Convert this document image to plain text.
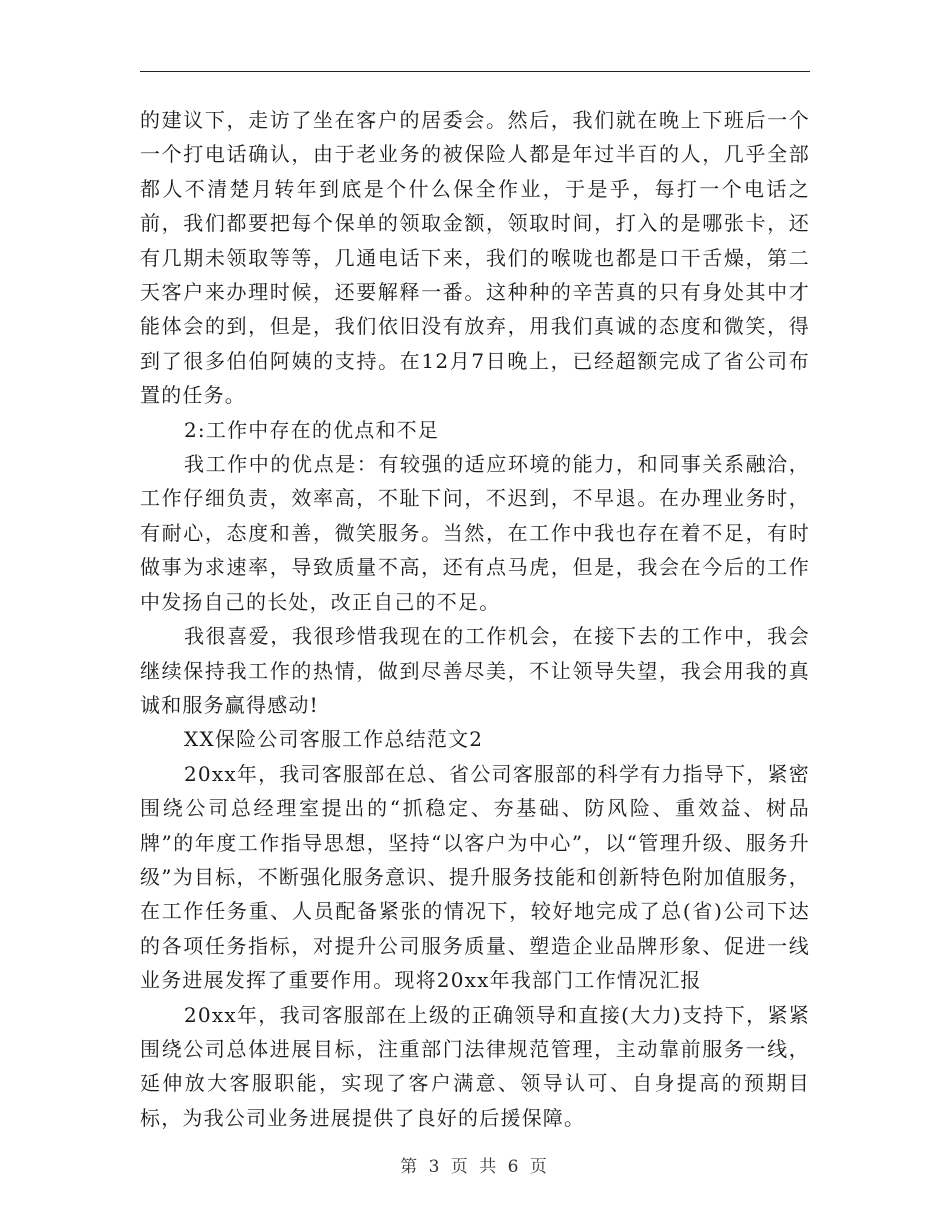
的建议下，走访了坐在客户的居委会。然后，我们就在晚上下班后一个一个打电话确认，由于老业务的被保险人都是年过半百的人，几乎全部都人不清楚月转年到底是个什么保全作业，于是乎，每打一个电话之前，我们都要把每个保单的领取金额，领取时间，打入的是哪张卡，还有几期未领取等等，几通电话下来，我们的喉咙也都是口干舌燥，第二天客户来办理时候，还要解释一番。这种种的辛苦真的只有身处其中才能体会的到，但是，我们依旧没有放弃，用我们真诚的态度和微笑，得到了很多伯伯阿姨的支持。在12月7日晚上，已经超额完成了省公司布置的任务。

2:工作中存在的优点和不足

我工作中的优点是：有较强的适应环境的能力，和同事关系融洽，工作仔细负责，效率高，不耻下问，不迟到，不早退。在办理业务时，有耐心，态度和善，微笑服务。当然，在工作中我也存在着不足，有时做事为求速率，导致质量不高，还有点马虎，但是，我会在今后的工作中发扬自己的长处，改正自己的不足。

我很喜爱，我很珍惜我现在的工作机会，在接下去的工作中，我会继续保持我工作的热情，做到尽善尽美，不让领导失望，我会用我的真诚和服务赢得感动!

XX保险公司客服工作总结范文2

20xx年，我司客服部在总、省公司客服部的科学有力指导下，紧密围绕公司总经理室提出的“抓稳定、夯基础、防风险、重效益、树品牌”的年度工作指导思想，坚持“以客户为中心”，以“管理升级、服务升级”为目标，不断强化服务意识、提升服务技能和创新特色附加值服务，在工作任务重、人员配备紧张的情况下，较好地完成了总(省)公司下达的各项任务指标，对提升公司服务质量、塑造企业品牌形象、促进一线业务进展发挥了重要作用。现将20xx年我部门工作情况汇报

20xx年，我司客服部在上级的正确领导和直接(大力)支持下，紧紧围绕公司总体进展目标，注重部门法律规范管理，主动靠前服务一线，延伸放大客服职能，实现了客户满意、领导认可、自身提高的预期目标，为我公司业务进展提供了良好的后援保障。

第 3 页 共 6 页
